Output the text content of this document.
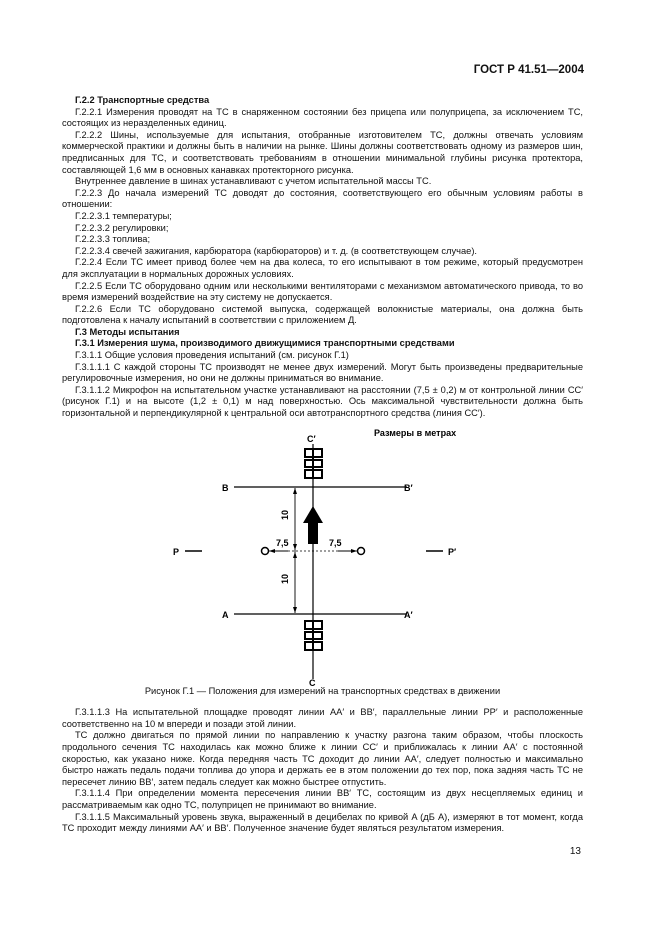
ГОСТ Р 41.51—2004

Г.2.2 Транспортные средства

Г.2.2.1 Измерения проводят на ТС в снаряженном состоянии без прицепа или полуприцепа, за исключением ТС, состоящих из неразделенных единиц.

Г.2.2.2 Шины, используемые для испытания, отобранные изготовителем ТС, должны отвечать условиям коммерческой практики и должны быть в наличии на рынке. Шины должны соответствовать одному из размеров шин, предписанных для ТС, и соответствовать требованиям в отношении минимальной глубины рисунка протектора, составляющей 1,6 мм в основных канавках протекторного рисунка.

Внутреннее давление в шинах устанавливают с учетом испытательной массы ТС.

Г.2.2.3 До начала измерений ТС доводят до состояния, соответствующего его обычным условиям работы в отношении:

Г.2.2.3.1 температуры;

Г.2.2.3.2 регулировки;

Г.2.2.3.3 топлива;

Г.2.2.3.4 свечей зажигания, карбюратора (карбюраторов) и т. д. (в соответствующем случае).

Г.2.2.4 Если ТС имеет привод более чем на два колеса, то его испытывают в том режиме, который предусмотрен для эксплуатации в нормальных дорожных условиях.

Г.2.2.5 Если ТС оборудовано одним или несколькими вентиляторами с механизмом автоматического привода, то во время измерений воздействие на эту систему не допускается.

Г.2.2.6 Если ТС оборудовано системой выпуска, содержащей волокнистые материалы, она должна быть подготовлена к началу испытаний в соответствии с приложением Д.

Г.3 Методы испытания

Г.3.1 Измерения шума, производимого движущимися транспортными средствами

Г.3.1.1 Общие условия проведения испытаний (см. рисунок Г.1)

Г.3.1.1.1 С каждой стороны ТС производят не менее двух измерений. Могут быть произведены предварительные регулировочные измерения, но они не должны приниматься во внимание.

Г.3.1.1.2 Микрофон на испытательном участке устанавливают на расстоянии (7,5 ± 0,2) м от контрольной линии CC′ (рисунок Г.1) и на высоте (1,2 ± 0,1) м над поверхностью. Ось максимальной чувствительности должна быть горизонтальной и перпендикулярной к центральной оси автотранспортного средства (линия CC′).

Размеры в метрах
C′
C
B	B′
A	A′
P	P′
10
10
7,5	7,5

Рисунок Г.1 — Положения для измерений на транспортных средствах в движении

Г.3.1.1.3 На испытательной площадке проводят линии AA′ и BB′, параллельные линии PP′ и расположенные соответственно на 10 м впереди и позади этой линии.

ТС должно двигаться по прямой линии по направлению к участку разгона таким образом, чтобы плоскость продольного сечения ТС находилась как можно ближе к линии CC′ и приближалась к линии AA′ с постоянной скоростью, как указано ниже. Когда передняя часть ТС доходит до линии AA′, следует полностью и максимально быстро нажать педаль подачи топлива до упора и держать ее в этом положении до тех пор, пока задняя часть ТС не пересечет линию BB′, затем педаль следует как можно быстрее отпустить.

Г.3.1.1.4 При определении момента пересечения линии BB′ ТС, состоящим из двух несцепляемых единиц и рассматриваемым как одно ТС, полуприцеп не принимают во внимание.

Г.3.1.1.5 Максимальный уровень звука, выраженный в децибелах по кривой A (дБ A), измеряют в тот момент, когда ТС проходит между линиями AA′ и BB′. Полученное значение будет являться результатом измерения.

13
